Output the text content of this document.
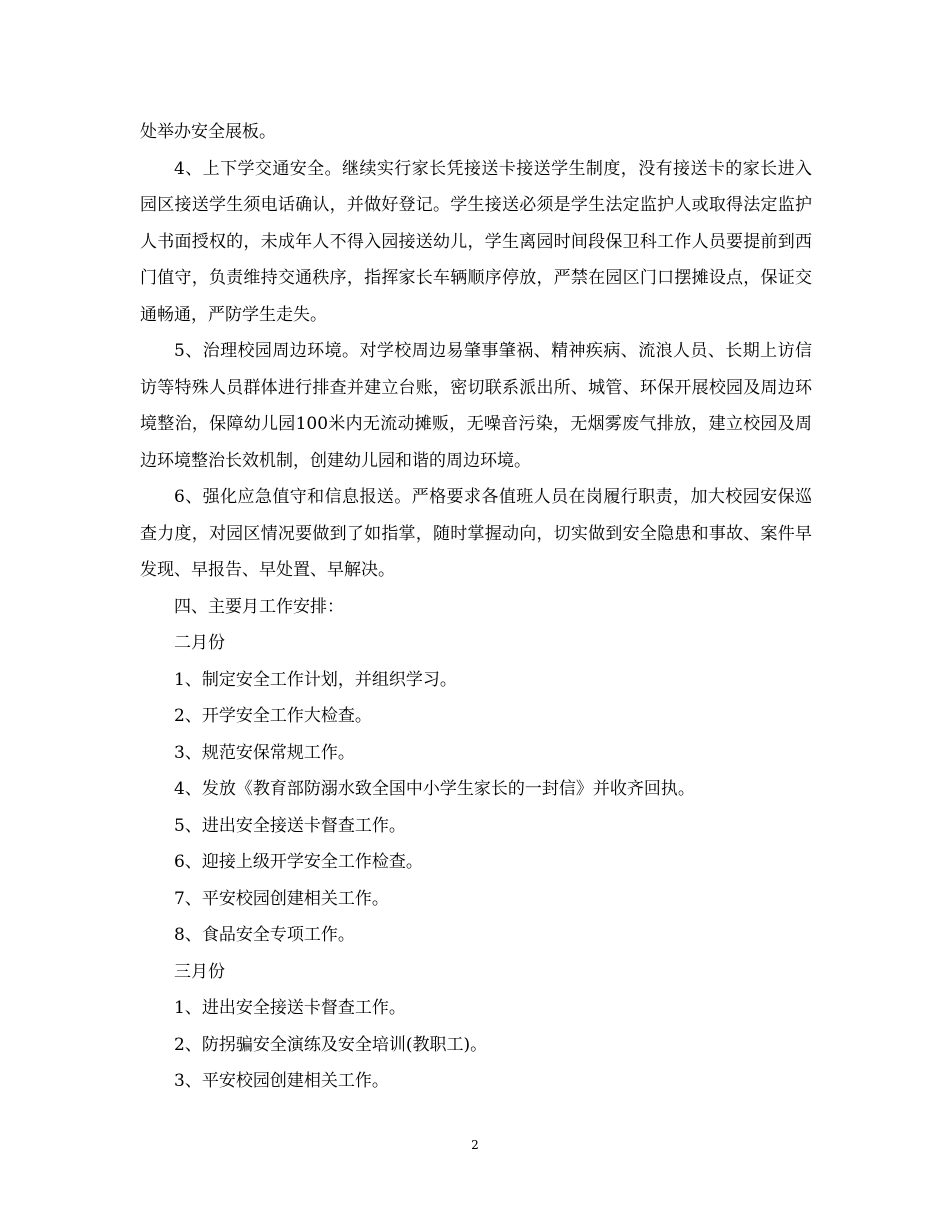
处举办安全展板。

4、上下学交通安全。继续实行家长凭接送卡接送学生制度，没有接送卡的家长进入园区接送学生须电话确认，并做好登记。学生接送必须是学生法定监护人或取得法定监护人书面授权的，未成年人不得入园接送幼儿，学生离园时间段保卫科工作人员要提前到西门值守，负责维持交通秩序，指挥家长车辆顺序停放，严禁在园区门口摆摊设点，保证交通畅通，严防学生走失。

5、治理校园周边环境。对学校周边易肇事肇祸、精神疾病、流浪人员、长期上访信访等特殊人员群体进行排查并建立台账，密切联系派出所、城管、环保开展校园及周边环境整治，保障幼儿园100米内无流动摊贩，无噪音污染，无烟雾废气排放，建立校园及周边环境整治长效机制，创建幼儿园和谐的周边环境。

6、强化应急值守和信息报送。严格要求各值班人员在岗履行职责，加大校园安保巡查力度，对园区情况要做到了如指掌，随时掌握动向，切实做到安全隐患和事故、案件早发现、早报告、早处置、早解决。

四、主要月工作安排：

二月份

1、制定安全工作计划，并组织学习。

2、开学安全工作大检查。

3、规范安保常规工作。

4、发放《教育部防溺水致全国中小学生家长的一封信》并收齐回执。

5、进出安全接送卡督查工作。

6、迎接上级开学安全工作检查。

7、平安校园创建相关工作。

8、食品安全专项工作。

三月份

1、进出安全接送卡督查工作。

2、防拐骗安全演练及安全培训(教职工)。

3、平安校园创建相关工作。

2
